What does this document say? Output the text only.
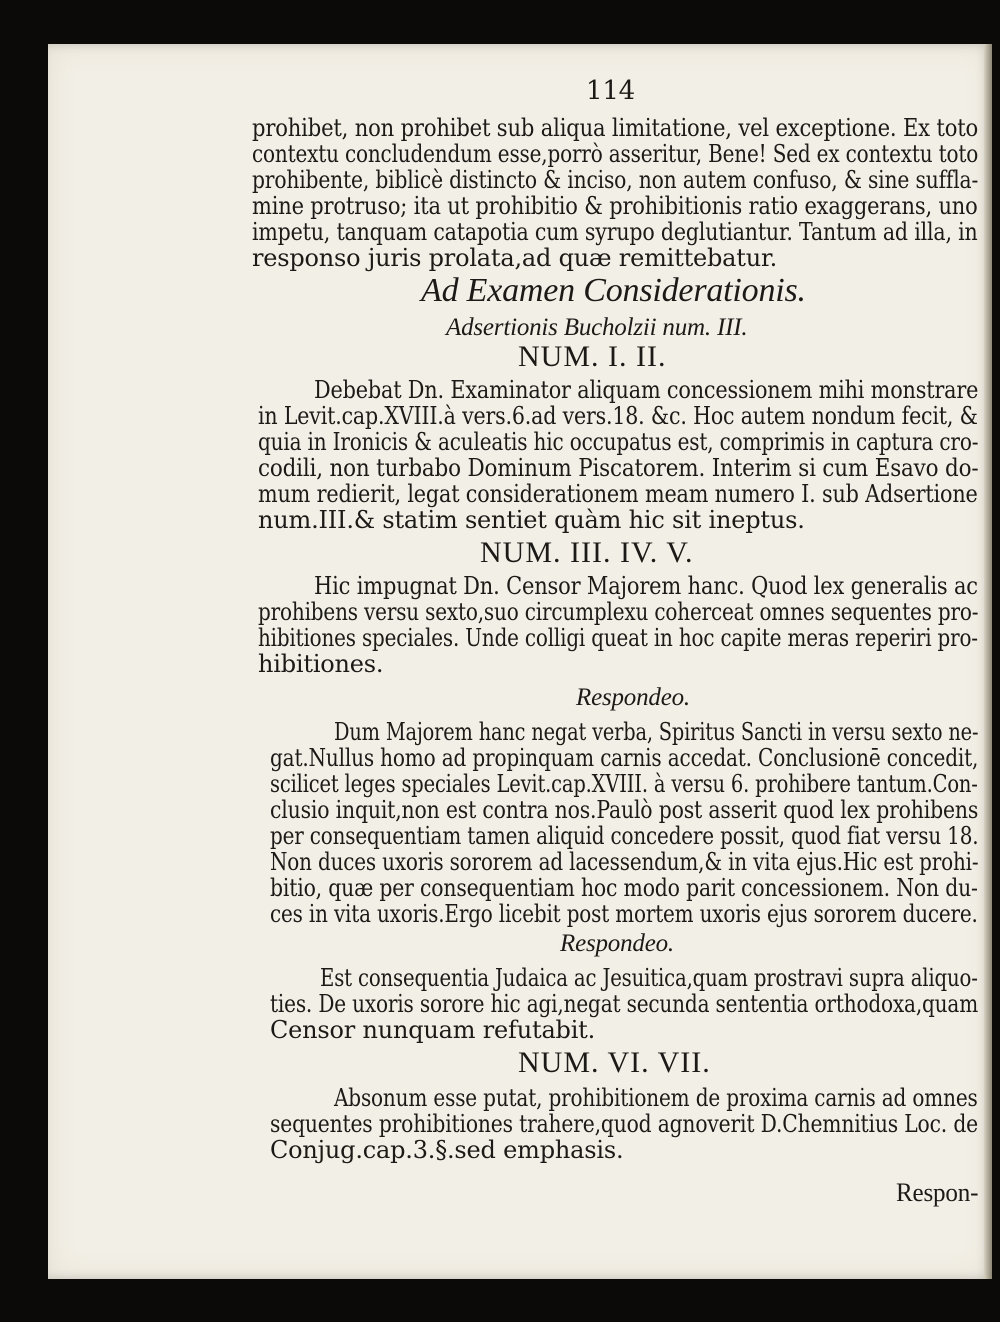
114
prohibet, non prohibet sub aliqua limitatione, vel exceptione. Ex toto
contextu concludendum esse,porrò asseritur, Bene! Sed ex contextu toto
prohibente, biblicè distincto & inciso, non autem confuso, & sine suffla-
mine protruso; ita ut prohibitio & prohibitionis ratio exaggerans, uno
impetu, tanquam catapotia cum syrupo deglutiantur. Tantum ad illa, in
responso juris prolata,ad quæ remittebatur.
Ad Examen Considerationis.
Adsertionis Bucholzii num. III.
NUM. I. II.
Debebat Dn. Examinator aliquam concessionem mihi monstrare
in Levit.cap.XVIII.à vers.6.ad vers.18. &c. Hoc autem nondum fecit, &
quia in Ironicis & aculeatis hic occupatus est, comprimis in captura cro-
codili, non turbabo Dominum Piscatorem. Interim si cum Esavo do-
mum redierit, legat considerationem meam numero I. sub Adsertione
num.III.& statim sentiet quàm hic sit ineptus.
NUM. III. IV. V.
Hic impugnat Dn. Censor Majorem hanc. Quod lex generalis ac
prohibens versu sexto,suo circumplexu coherceat omnes sequentes pro-
hibitiones speciales. Unde colligi queat in hoc capite meras reperiri pro-
hibitiones.
Respondeo.
Dum Majorem hanc negat verba, Spiritus Sancti in versu sexto ne-
gat.Nullus homo ad propinquam carnis accedat. Conclusionē concedit,
scilicet leges speciales Levit.cap.XVIII. à versu 6. prohibere tantum.Con-
clusio inquit,non est contra nos.Paulò post asserit quod lex prohibens
per consequentiam tamen aliquid concedere possit, quod fiat versu 18.
Non duces uxoris sororem ad lacessendum,& in vita ejus.Hic est prohi-
bitio, quæ per consequentiam hoc modo parit concessionem. Non du-
ces in vita uxoris.Ergo licebit post mortem uxoris ejus sororem ducere.
Respondeo.
Est consequentia Judaica ac Jesuitica,quam prostravi supra aliquo-
ties. De uxoris sorore hic agi,negat secunda sententia orthodoxa,quam
Censor nunquam refutabit.
NUM. VI. VII.
Absonum esse putat, prohibitionem de proxima carnis ad omnes
sequentes prohibitiones trahere,quod agnoverit D.Chemnitius Loc. de
Conjug.cap.3.§.sed emphasis.
Respon-
